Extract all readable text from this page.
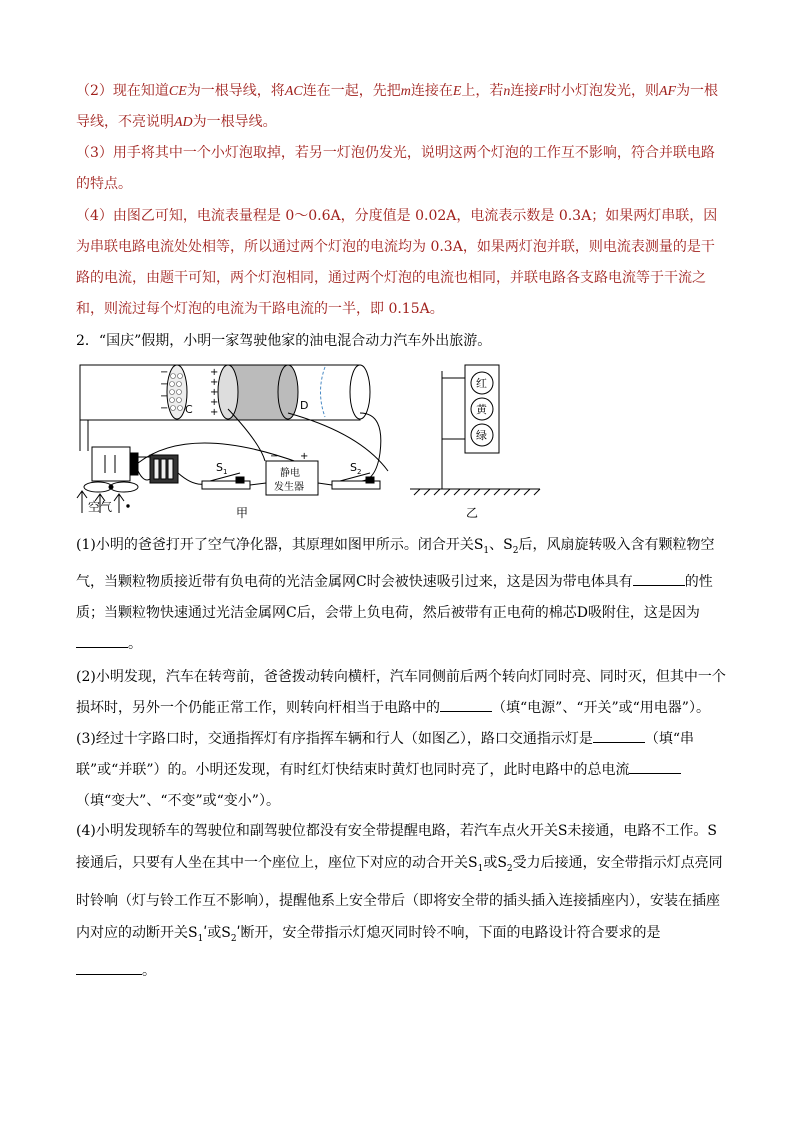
（2）现在知道CE为一根导线，将AC连在一起，先把m连接在E上，若n连接F时小灯泡发光，则AF为一根导线，不亮说明AD为一根导线。

（3）用手将其中一个小灯泡取掉，若另一灯泡仍发光，说明这两个灯泡的工作互不影响，符合并联电路的特点。

（4）由图乙可知，电流表量程是 0～0.6A，分度值是 0.02A，电流表示数是 0.3A；如果两灯串联，因为串联电路电流处处相等，所以通过两个灯泡的电流均为 0.3A，如果两灯泡并联，则电流表测量的是干路的电流，由题干可知，两个灯泡相同，通过两个灯泡的电流也相同，并联电路各支路电流等于干流之和，则流过每个灯泡的电流为干路电流的一半，即 0.15A。

2．“国庆”假期，小明一家驾驶他家的油电混合动力汽车外出旅游。

−
−
−
−
+
+
+
+
+
C	D
空气
$S_1$	$S_2$
− +
静电
发生器
甲	乙
红
黄
绿

(1)小明的爸爸打开了空气净化器，其原理如图甲所示。闭合开关$S_1$、$S_2$后，风扇旋转吸入含有颗粒物空气，当颗粒物质接近带有负电荷的光洁金属网C时会被快速吸引过来，这是因为带电体具有	的性质；当颗粒物快速通过光洁金属网C后，会带上负电荷，然后被带有正电荷的棉芯D吸附住，这是因为。

(2)小明发现，汽车在转弯前，爸爸拨动转向横杆，汽车同侧前后两个转向灯同时亮、同时灭，但其中一个损坏时，另外一个仍能正常工作，则转向杆相当于电路中的	（填“电源”、“开关”或“用电器”）。

(3)经过十字路口时，交通指挥灯有序指挥车辆和行人（如图乙），路口交通指示灯是	（填“串联”或“并联”）的。小明还发现，有时红灯快结束时黄灯也同时亮了，此时电路中的总电流（填“变大”、“不变”或“变小”）。

(4)小明发现轿车的驾驶位和副驾驶位都没有安全带提醒电路，若汽车点火开关S未接通，电路不工作。S接通后，只要有人坐在其中一个座位上，座位下对应的动合开关$S_1$或$S_2$受力后接通，安全带指示灯点亮同时铃响（灯与铃工作互不影响），提醒他系上安全带后（即将安全带的插头插入连接插座内），安装在插座内对应的动断开关$S_1ʹ$或$S_2ʹ$断开，安全带指示灯熄灭同时铃不响，下面的电路设计符合要求的是。
